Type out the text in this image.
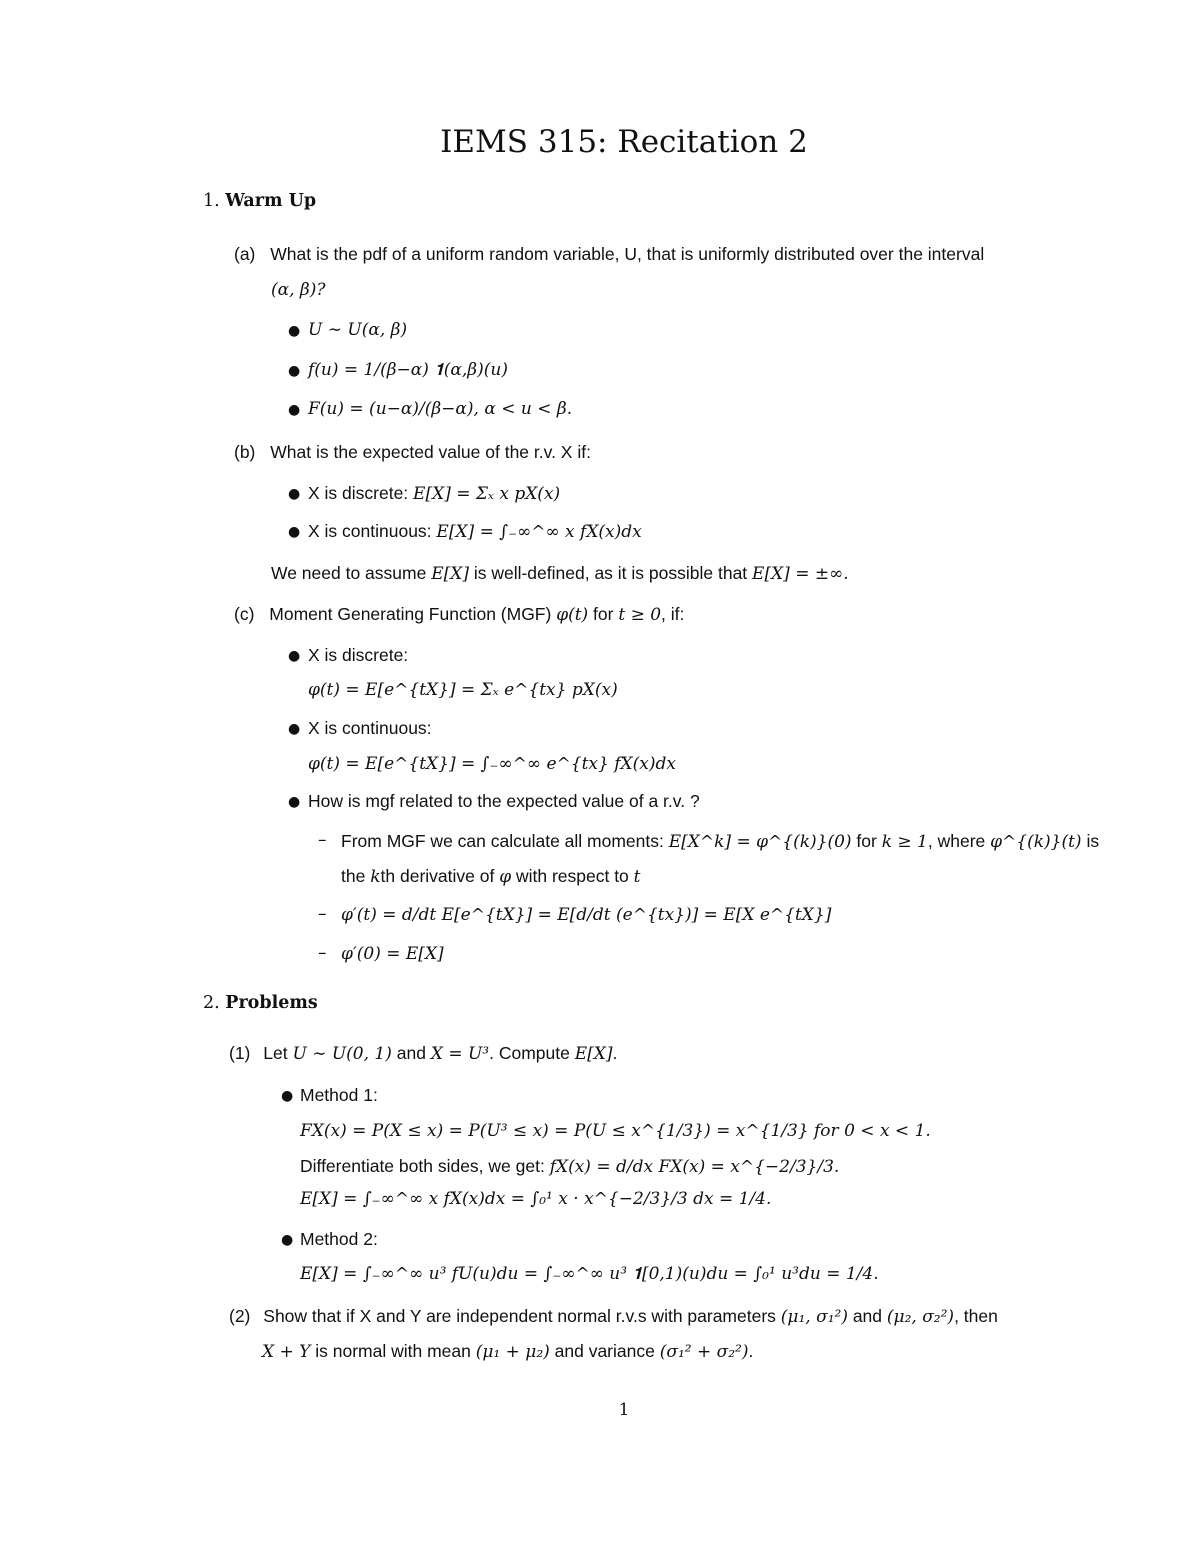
IEMS 315: Recitation 2
1. Warm Up
(a) What is the pdf of a uniform random variable, U, that is uniformly distributed over the interval
(α, β)?
● U ∼ U(α, β)
● f(u) = 1/(β−α) 𝟏(α,β)(u)
● F(u) = (u−α)/(β−α), α < u < β.
(b) What is the expected value of the r.v. X if:
● X is discrete: E[X] = Σₓ x pX(x)
● X is continuous: E[X] = ∫₋∞^∞ x fX(x)dx
We need to assume E[X] is well-defined, as it is possible that E[X] = ±∞.
(c) Moment Generating Function (MGF) φ(t) for t ≥ 0, if:
● X is discrete:
φ(t) = E[e^{tX}] = Σₓ e^{tx} pX(x)
● X is continuous:
φ(t) = E[e^{tX}] = ∫₋∞^∞ e^{tx} fX(x)dx
● How is mgf related to the expected value of a r.v. ?
– From MGF we can calculate all moments: E[X^k] = φ^{(k)}(0) for k ≥ 1, where φ^{(k)}(t) is
the kth derivative of φ with respect to t
– φ′(t) = d/dt E[e^{tX}] = E[d/dt (e^{tx})] = E[X e^{tX}]
– φ′(0) = E[X]
2. Problems
(1) Let U ∼ U(0, 1) and X = U³. Compute E[X].
● Method 1:
FX(x) = P(X ≤ x) = P(U³ ≤ x) = P(U ≤ x^{1/3}) = x^{1/3} for 0 < x < 1.
Differentiate both sides, we get: fX(x) = d/dx FX(x) = x^{−2/3}/3.
E[X] = ∫₋∞^∞ x fX(x)dx = ∫₀¹ x · x^{−2/3}/3 dx = 1/4.
● Method 2:
E[X] = ∫₋∞^∞ u³ fU(u)du = ∫₋∞^∞ u³ 𝟏[0,1)(u)du = ∫₀¹ u³du = 1/4.
(2) Show that if X and Y are independent normal r.v.s with parameters (μ₁, σ₁²) and (μ₂, σ₂²), then
X + Y is normal with mean (μ₁ + μ₂) and variance (σ₁² + σ₂²).
1
